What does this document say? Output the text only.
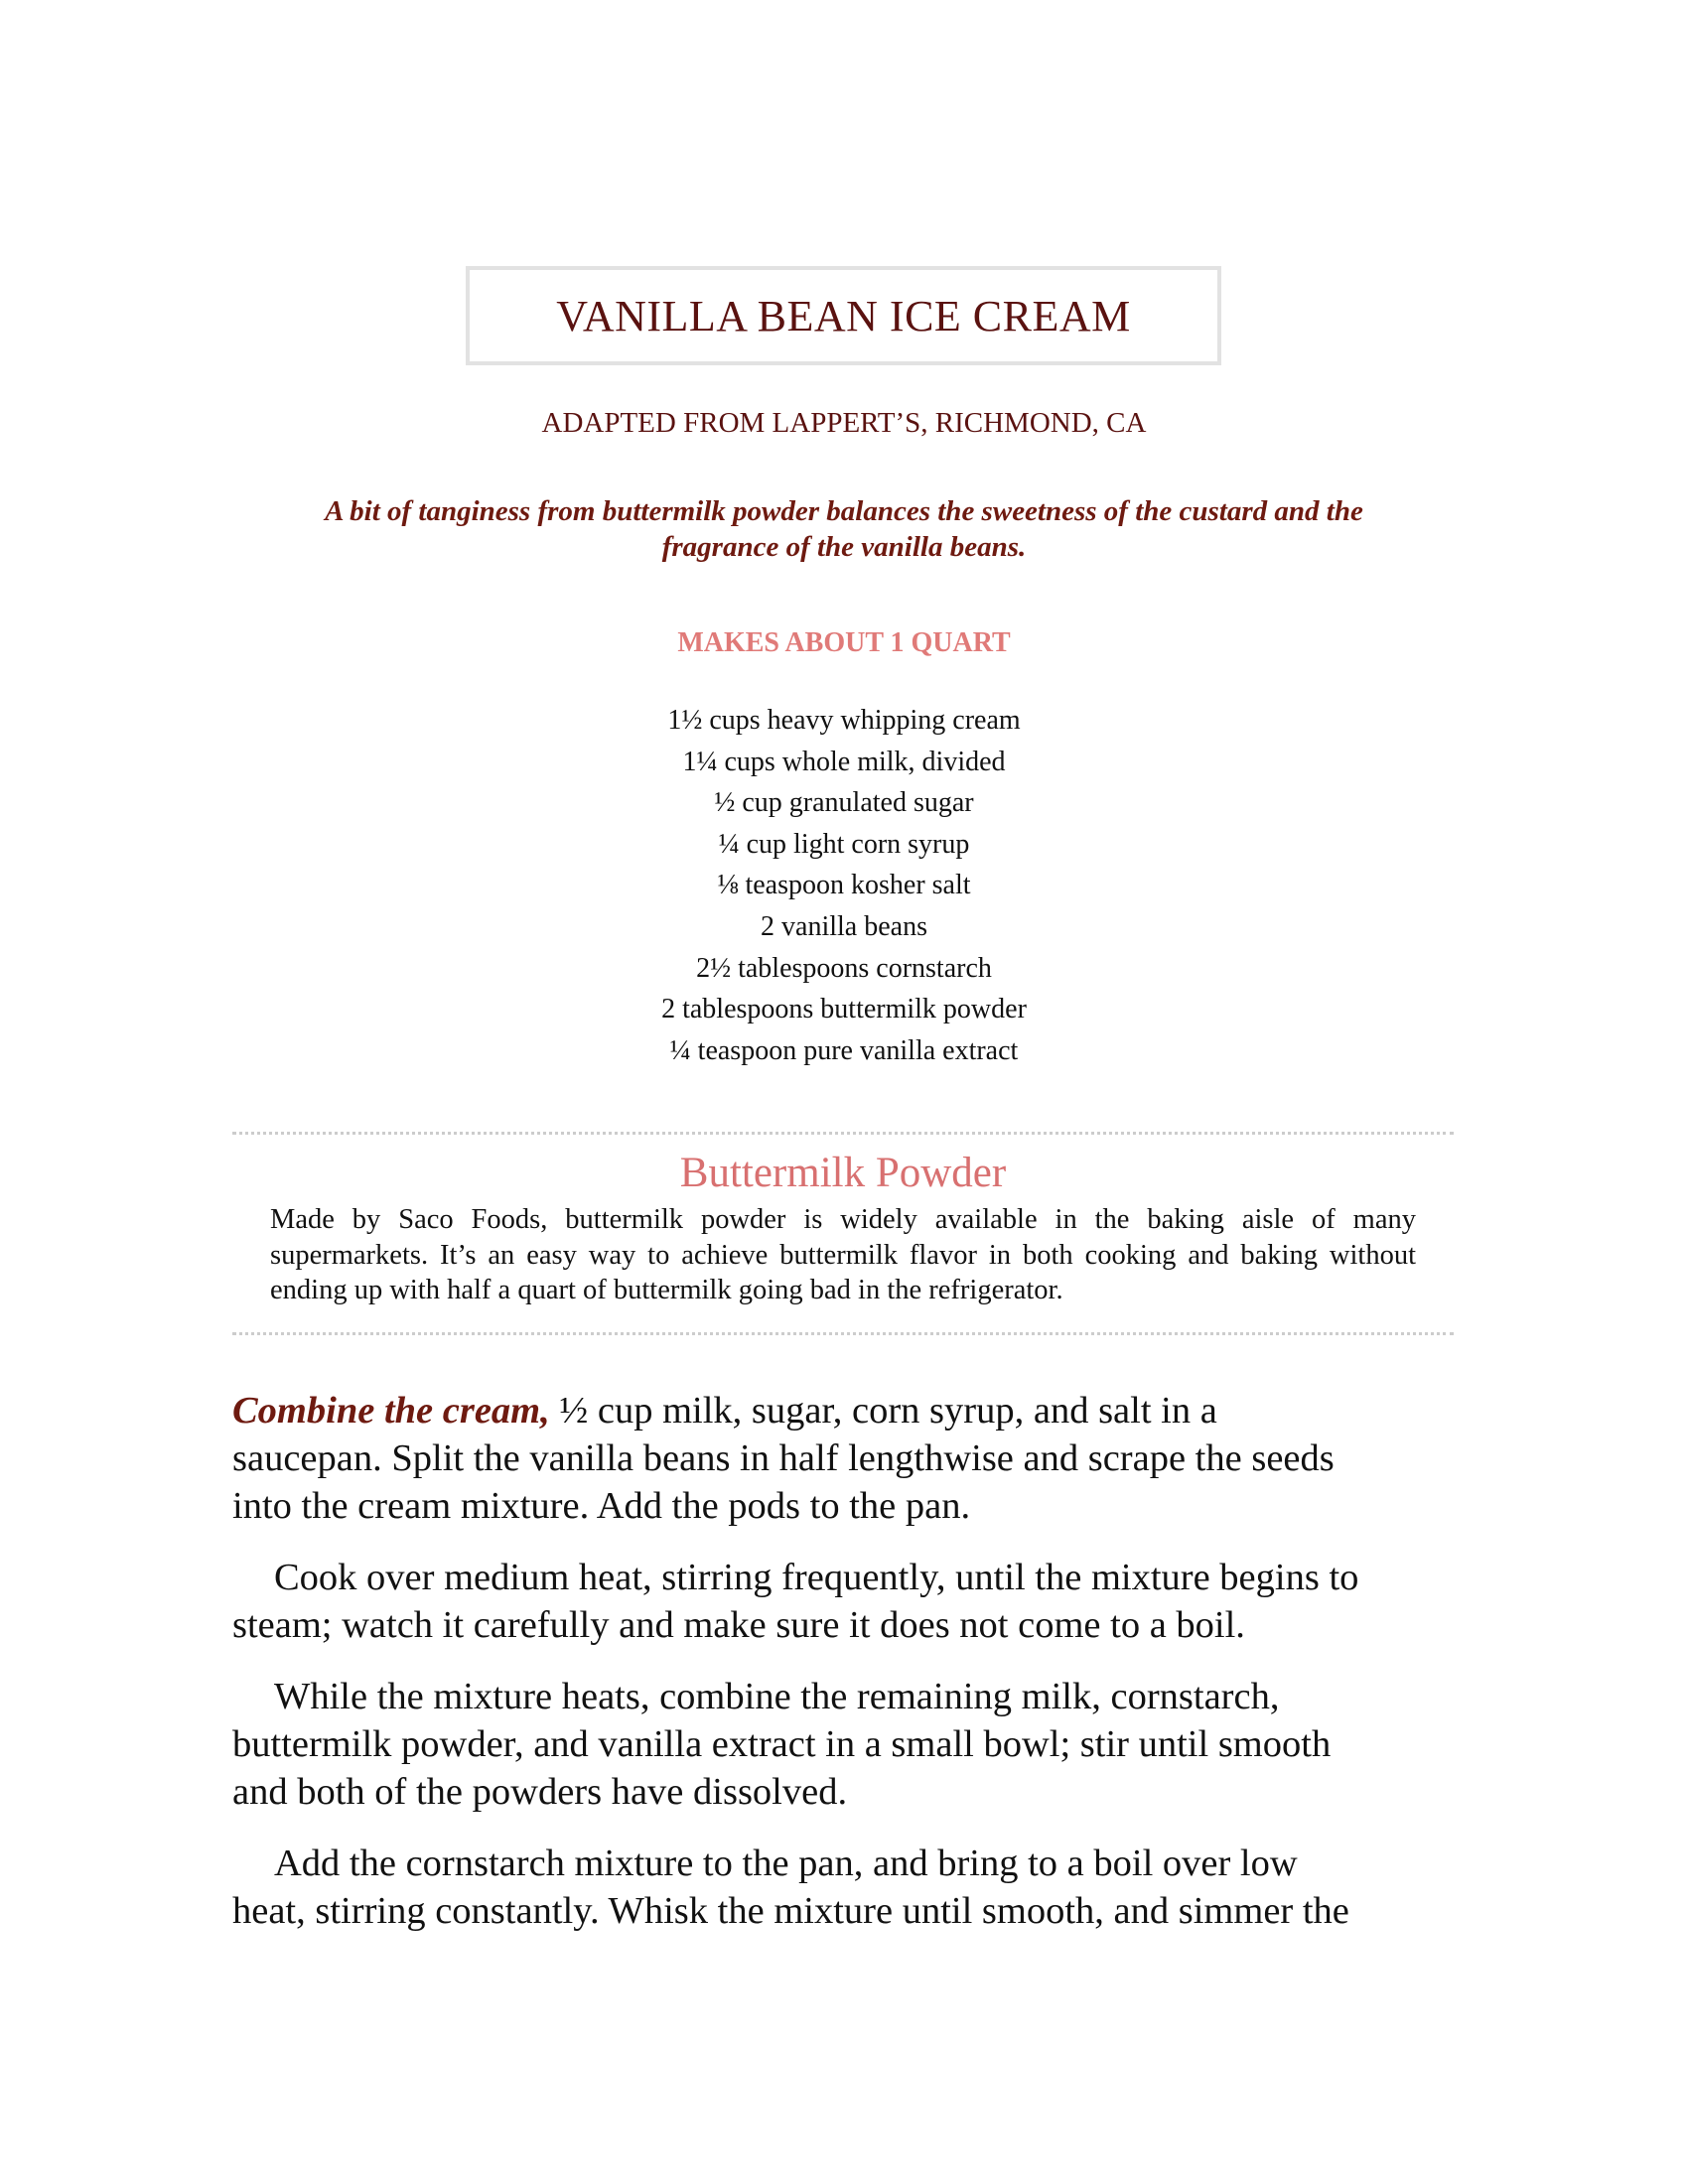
VANILLA BEAN ICE CREAM

ADAPTED FROM LAPPERT’S, RICHMOND, CA

A bit of tanginess from buttermilk powder balances the sweetness of the custard and the
fragrance of the vanilla beans.

MAKES ABOUT 1 QUART

1½ cups heavy whipping cream
1¼ cups whole milk, divided
½ cup granulated sugar
¼ cup light corn syrup
⅛ teaspoon kosher salt
2 vanilla beans
2½ tablespoons cornstarch
2 tablespoons buttermilk powder
¼ teaspoon pure vanilla extract
Buttermilk Powder

Made by Saco Foods, buttermilk powder is widely available in the baking aisle of many supermarkets. It’s an easy way to achieve buttermilk flavor in both cooking and baking without ending up with half a quart of buttermilk going bad in the refrigerator.

Combine the cream, ½ cup milk, sugar, corn syrup, and salt in a
saucepan. Split the vanilla beans in half lengthwise and scrape the seeds
into the cream mixture. Add the pods to the pan.

Cook over medium heat, stirring frequently, until the mixture begins to
steam; watch it carefully and make sure it does not come to a boil.

While the mixture heats, combine the remaining milk, cornstarch,
buttermilk powder, and vanilla extract in a small bowl; stir until smooth
and both of the powders have dissolved.

Add the cornstarch mixture to the pan, and bring to a boil over low
heat, stirring constantly. Whisk the mixture until smooth, and simmer the
